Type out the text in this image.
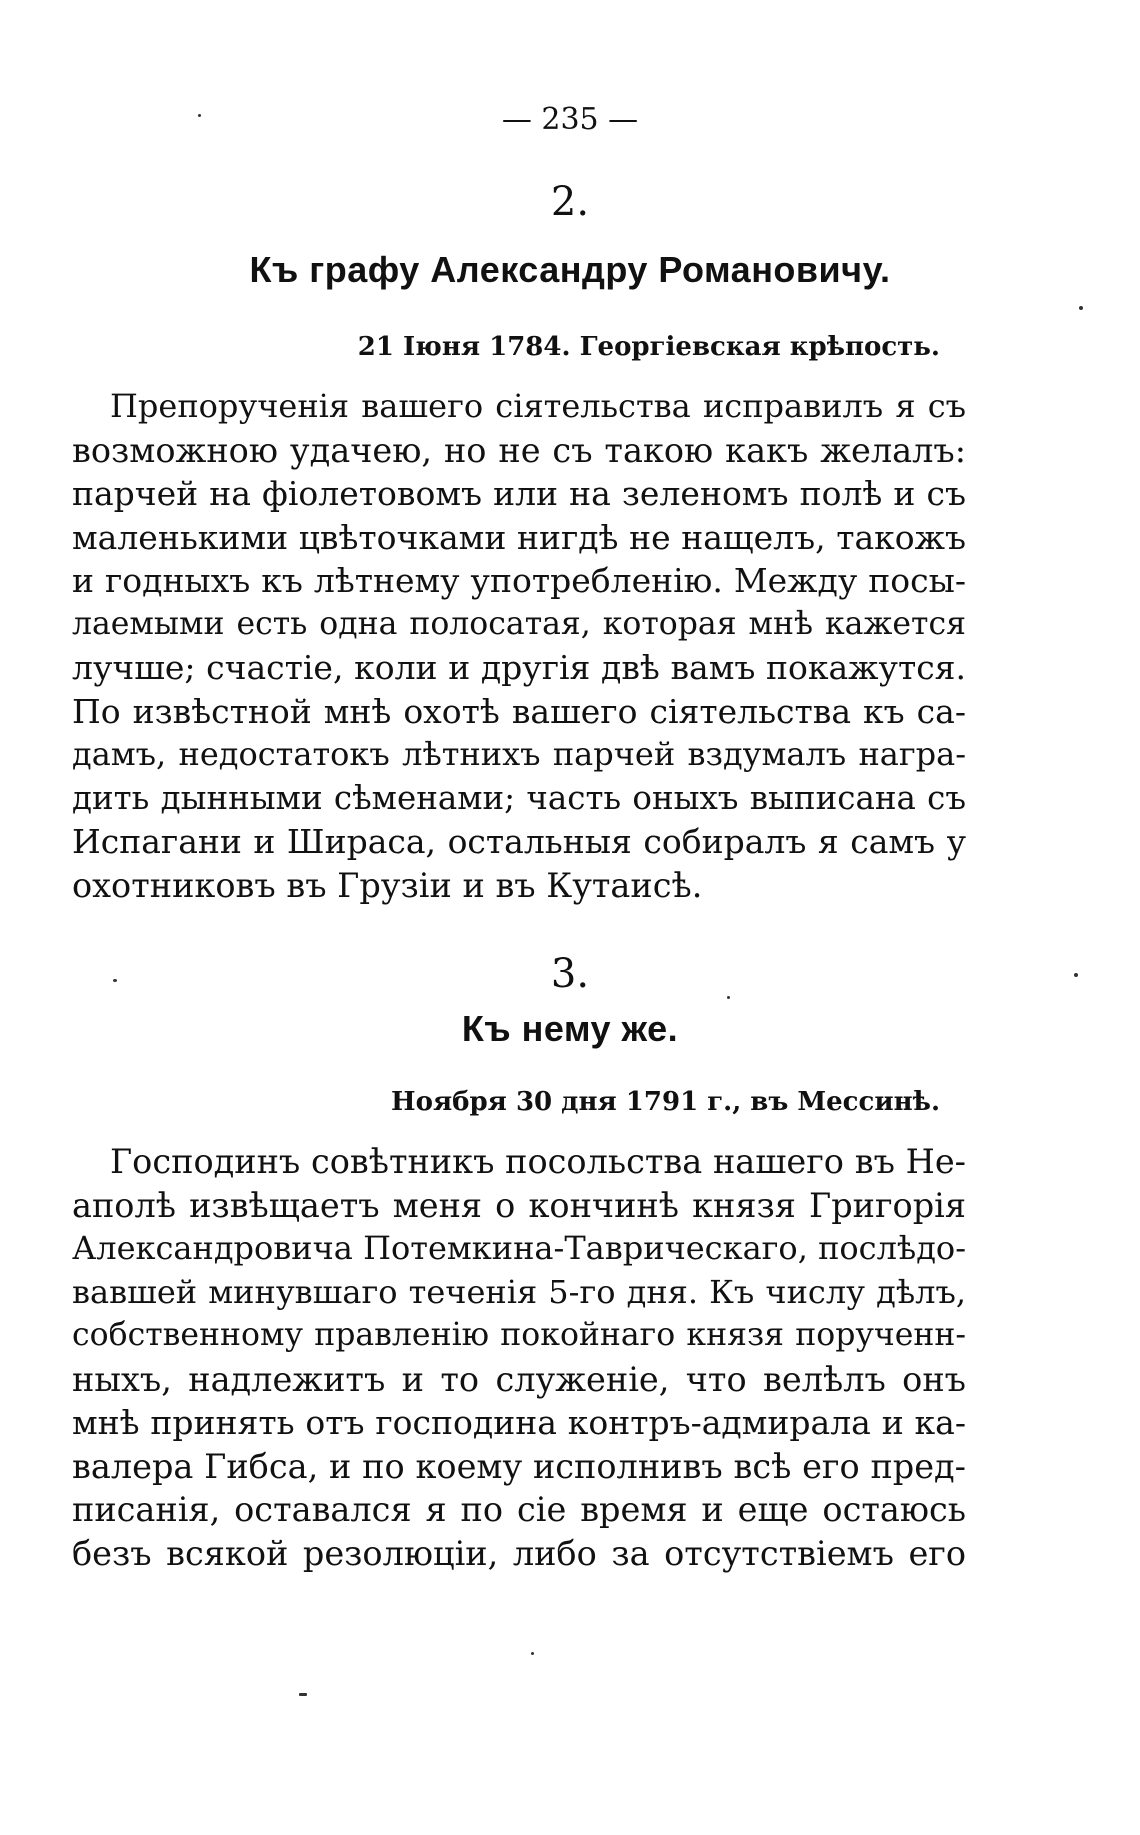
— 235 —
2.
Къ графу Александру Романовичу.
21 Іюня 1784. Георгіевская крѣпость.
Препорученія вашего сіятельства исправилъ я съ
возможною удачею, но не съ такою какъ желалъ:
парчей на фіолетовомъ или на зеленомъ полѣ и съ
маленькими цвѣточками нигдѣ не нащелъ, такожъ
и годныхъ къ лѣтнему употребленію. Между посы-
лаемыми есть одна полосатая, которая мнѣ кажется
лучше; счастіе, коли и другія двѣ вамъ покажутся.
По извѣстной мнѣ охотѣ вашего сіятельства къ са-
дамъ, недостатокъ лѣтнихъ парчей вздумалъ награ-
дить дынными сѣменами; часть оныхъ выписана съ
Испагани и Шираса, остальныя собиралъ я самъ у
охотниковъ въ Грузіи и въ Кутаисѣ.
3.
Къ нему же.
Ноября 30 дня 1791 г., въ Мессинѣ.
Господинъ совѣтникъ посольства нашего въ Не-
аполѣ извѣщаетъ меня о кончинѣ князя Григорія
Александровича Потемкина-Таврическаго, послѣдо-
вавшей минувшаго теченія 5-го дня. Къ числу дѣлъ,
собственному правленію покойнаго князя порученн-
ныхъ, надлежитъ и то служеніе, что велѣлъ онъ
мнѣ принять отъ господина контръ-адмирала и ка-
валера Гибса, и по коему исполнивъ всѣ его пред-
писанія, оставался я по сіе время и еще остаюсь
безъ всякой резолюціи, либо за отсутствіемъ его
